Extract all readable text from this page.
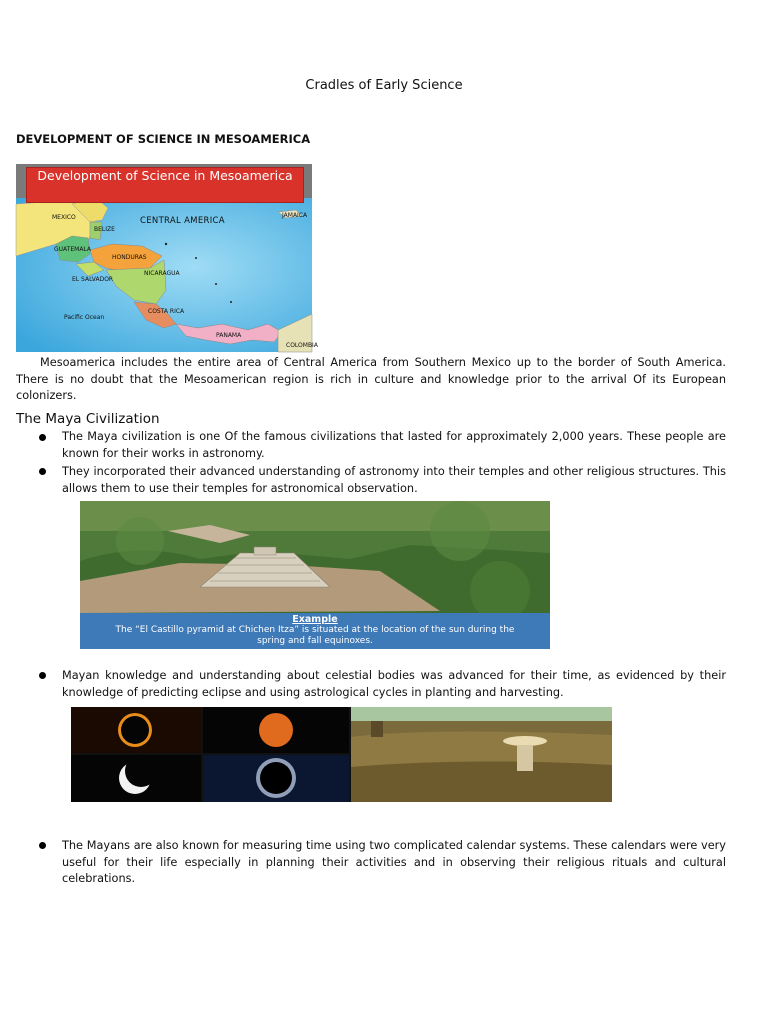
Cradles of Early Science
DEVELOPMENT OF SCIENCE IN MESOAMERICA
Development of Science in Mesoamerica
CENTRAL AMERICA
MEXICO
BELIZE
GUATEMALA
HONDURAS
EL SALVADOR
NICARAGUA
COSTA RICA
PANAMA
JAMAICA
COLOMBIA
Pacific Ocean
Mesoamerica includes the entire area of Central America from Southern Mexico up to the border of South America. There is no doubt that the Mesoamerican region is rich in culture and knowledge prior to the arrival Of its European colonizers.
The Maya Civilization
The Maya civilization is one Of the famous civilizations that lasted for approximately 2,000 years. These people are known for their works in astronomy.
They incorporated their advanced understanding of astronomy into their temples and other religious structures. This allows them to use their temples for astronomical observation.
Example
The “El Castillo pyramid at Chichen Itza” is situated at the location of the sun during the spring and fall equinoxes.
Mayan knowledge and understanding about celestial bodies was advanced for their time, as evidenced by their knowledge of predicting eclipse and using astrological cycles in planting and harvesting.
The Mayans are also known for measuring time using two complicated calendar systems. These calendars were very useful for their life especially in planning their activities and in observing their religious rituals and cultural celebrations.
